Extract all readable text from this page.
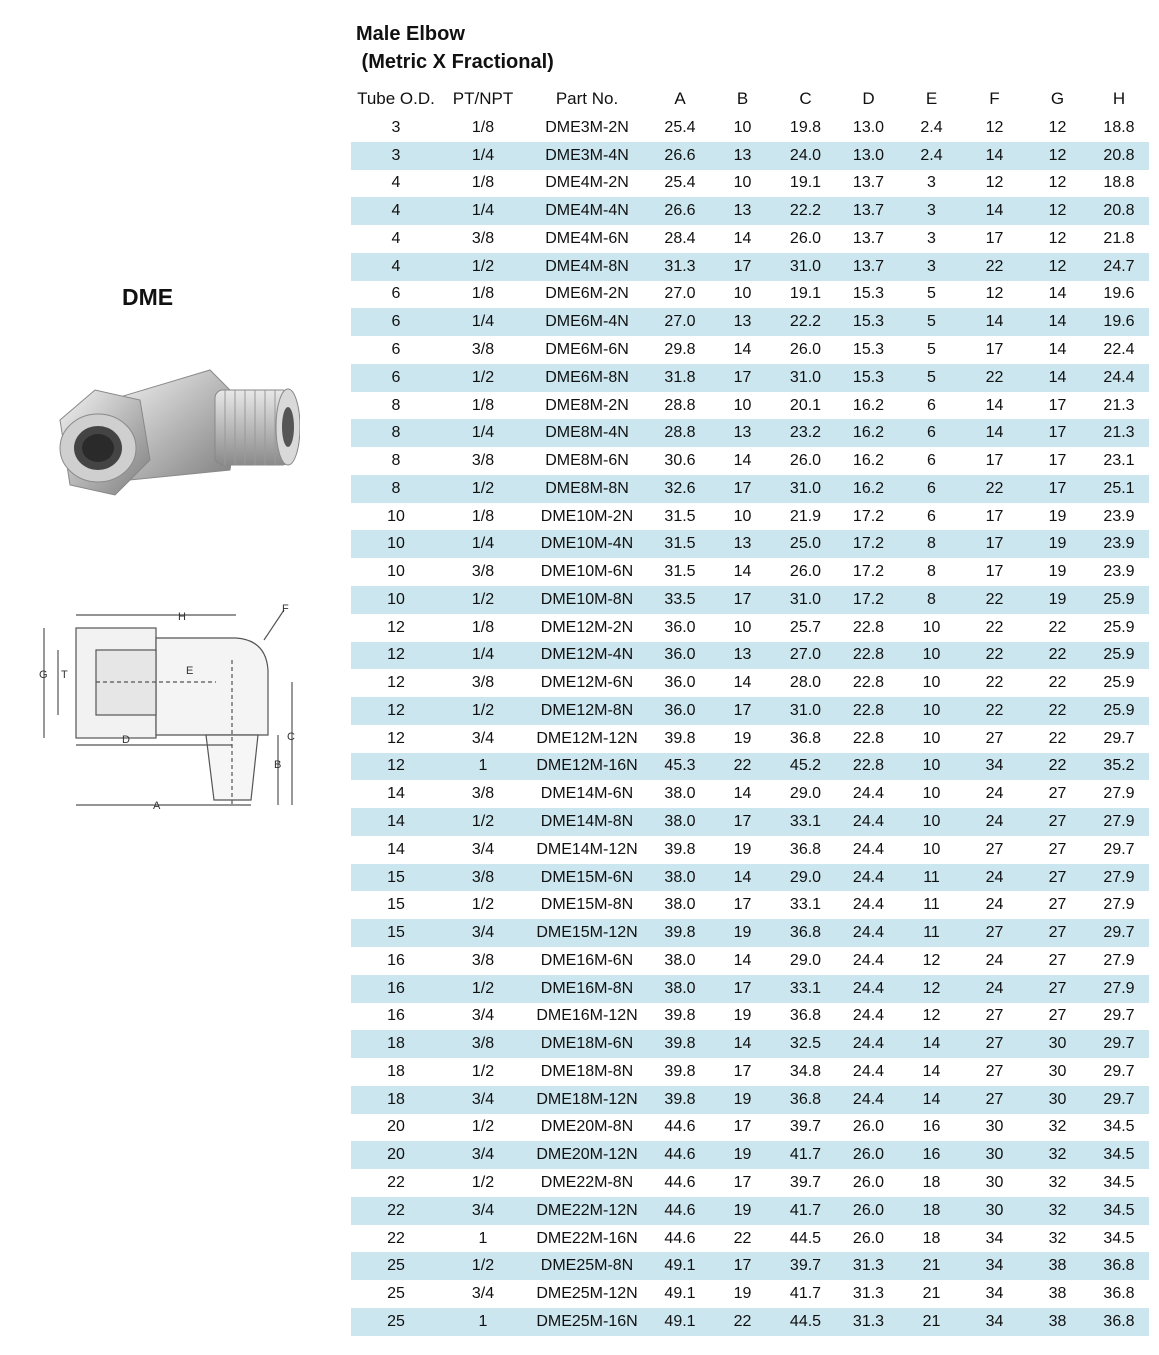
Male Elbow
(Metric X Fractional)
DME
H
F
G T	E
D	C
B
A
Tube O.D.	PT/NPT	Part No.	A	B	C	D	E	F	G	H
3	1/8	DME3M-2N	25.4	10	19.8	13.0	2.4	12	12	18.8
3	1/4	DME3M-4N	26.6	13	24.0	13.0	2.4	14	12	20.8
4	1/8	DME4M-2N	25.4	10	19.1	13.7	3	12	12	18.8
4	1/4	DME4M-4N	26.6	13	22.2	13.7	3	14	12	20.8
4	3/8	DME4M-6N	28.4	14	26.0	13.7	3	17	12	21.8
4	1/2	DME4M-8N	31.3	17	31.0	13.7	3	22	12	24.7
6	1/8	DME6M-2N	27.0	10	19.1	15.3	5	12	14	19.6
6	1/4	DME6M-4N	27.0	13	22.2	15.3	5	14	14	19.6
6	3/8	DME6M-6N	29.8	14	26.0	15.3	5	17	14	22.4
6	1/2	DME6M-8N	31.8	17	31.0	15.3	5	22	14	24.4
8	1/8	DME8M-2N	28.8	10	20.1	16.2	6	14	17	21.3
8	1/4	DME8M-4N	28.8	13	23.2	16.2	6	14	17	21.3
8	3/8	DME8M-6N	30.6	14	26.0	16.2	6	17	17	23.1
8	1/2	DME8M-8N	32.6	17	31.0	16.2	6	22	17	25.1
10	1/8	DME10M-2N	31.5	10	21.9	17.2	6	17	19	23.9
10	1/4	DME10M-4N	31.5	13	25.0	17.2	8	17	19	23.9
10	3/8	DME10M-6N	31.5	14	26.0	17.2	8	17	19	23.9
10	1/2	DME10M-8N	33.5	17	31.0	17.2	8	22	19	25.9
12	1/8	DME12M-2N	36.0	10	25.7	22.8	10	22	22	25.9
12	1/4	DME12M-4N	36.0	13	27.0	22.8	10	22	22	25.9
12	3/8	DME12M-6N	36.0	14	28.0	22.8	10	22	22	25.9
12	1/2	DME12M-8N	36.0	17	31.0	22.8	10	22	22	25.9
12	3/4	DME12M-12N	39.8	19	36.8	22.8	10	27	22	29.7
12	1	DME12M-16N	45.3	22	45.2	22.8	10	34	22	35.2
14	3/8	DME14M-6N	38.0	14	29.0	24.4	10	24	27	27.9
14	1/2	DME14M-8N	38.0	17	33.1	24.4	10	24	27	27.9
14	3/4	DME14M-12N	39.8	19	36.8	24.4	10	27	27	29.7
15	3/8	DME15M-6N	38.0	14	29.0	24.4	11	24	27	27.9
15	1/2	DME15M-8N	38.0	17	33.1	24.4	11	24	27	27.9
15	3/4	DME15M-12N	39.8	19	36.8	24.4	11	27	27	29.7
16	3/8	DME16M-6N	38.0	14	29.0	24.4	12	24	27	27.9
16	1/2	DME16M-8N	38.0	17	33.1	24.4	12	24	27	27.9
16	3/4	DME16M-12N	39.8	19	36.8	24.4	12	27	27	29.7
18	3/8	DME18M-6N	39.8	14	32.5	24.4	14	27	30	29.7
18	1/2	DME18M-8N	39.8	17	34.8	24.4	14	27	30	29.7
18	3/4	DME18M-12N	39.8	19	36.8	24.4	14	27	30	29.7
20	1/2	DME20M-8N	44.6	17	39.7	26.0	16	30	32	34.5
20	3/4	DME20M-12N	44.6	19	41.7	26.0	16	30	32	34.5
22	1/2	DME22M-8N	44.6	17	39.7	26.0	18	30	32	34.5
22	3/4	DME22M-12N	44.6	19	41.7	26.0	18	30	32	34.5
22	1	DME22M-16N	44.6	22	44.5	26.0	18	34	32	34.5
25	1/2	DME25M-8N	49.1	17	39.7	31.3	21	34	38	36.8
25	3/4	DME25M-12N	49.1	19	41.7	31.3	21	34	38	36.8
25	1	DME25M-16N	49.1	22	44.5	31.3	21	34	38	36.8
